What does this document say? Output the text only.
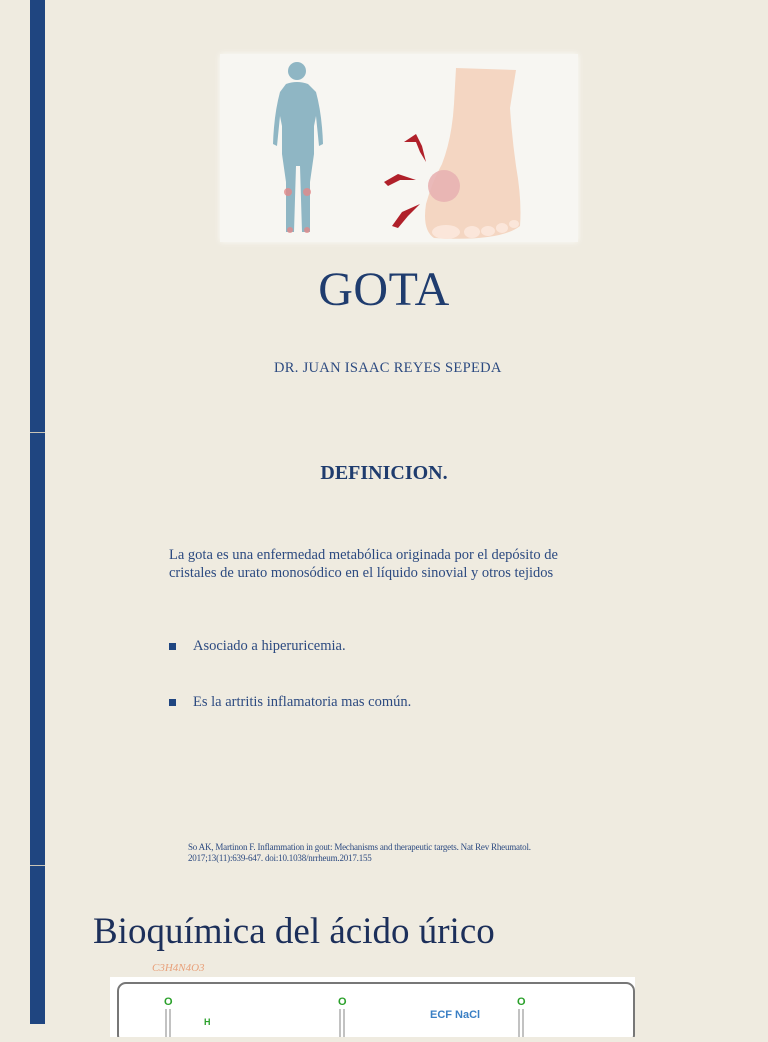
GOTA
DR. JUAN ISAAC REYES SEPEDA
DEFINICION.
La gota es una enfermedad metabólica originada por el depósito de cristales de urato monosódico en el líquido sinovial y otros tejidos
Asociado a hiperuricemia.
Es la artritis inflamatoria mas común.
So AK, Martinon F. Inflammation in gout: Mechanisms and therapeutic targets. Nat Rev Rheumatol. 2017;13(11):639-647. doi:10.1038/nrrheum.2017.155
Bioquímica del ácido úrico
C3H4N4O3
O	O
ECF NaCl
O
H
